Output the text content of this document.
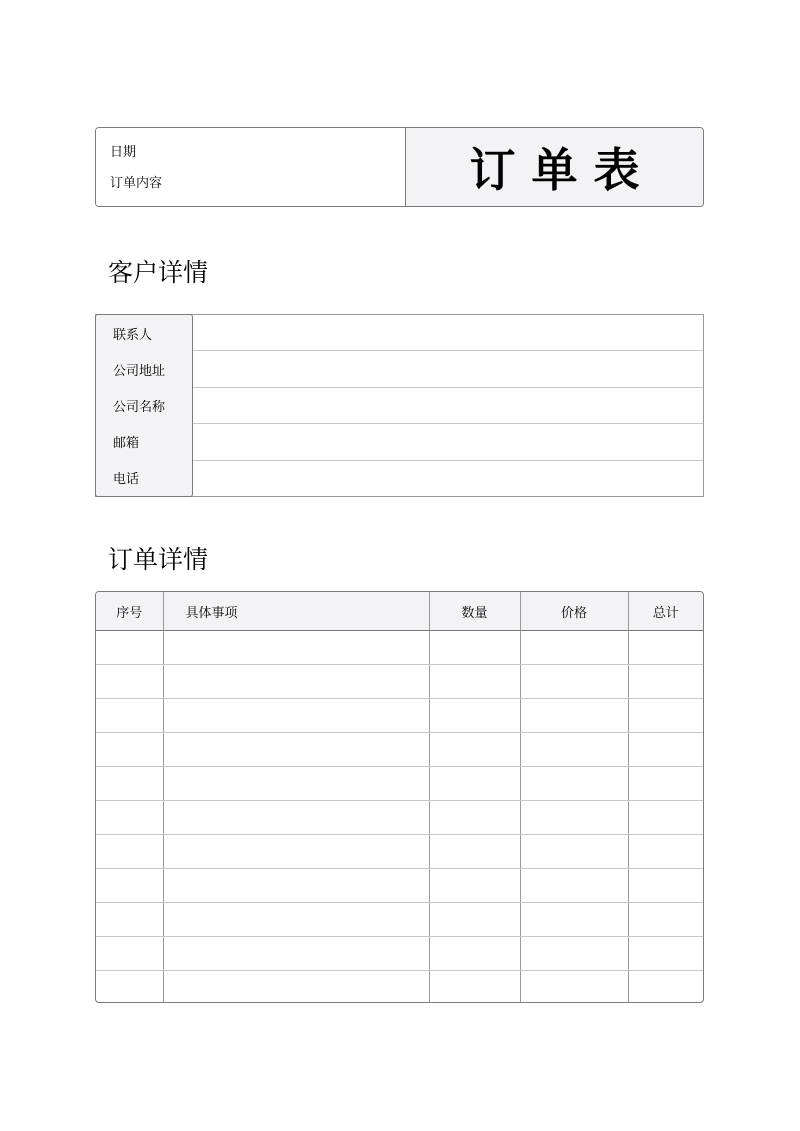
日期
订单内容	订单表
客户详情
联系人
公司地址
公司名称
邮箱
电话
订单详情
序号	具体事项	数量	价格	总计
